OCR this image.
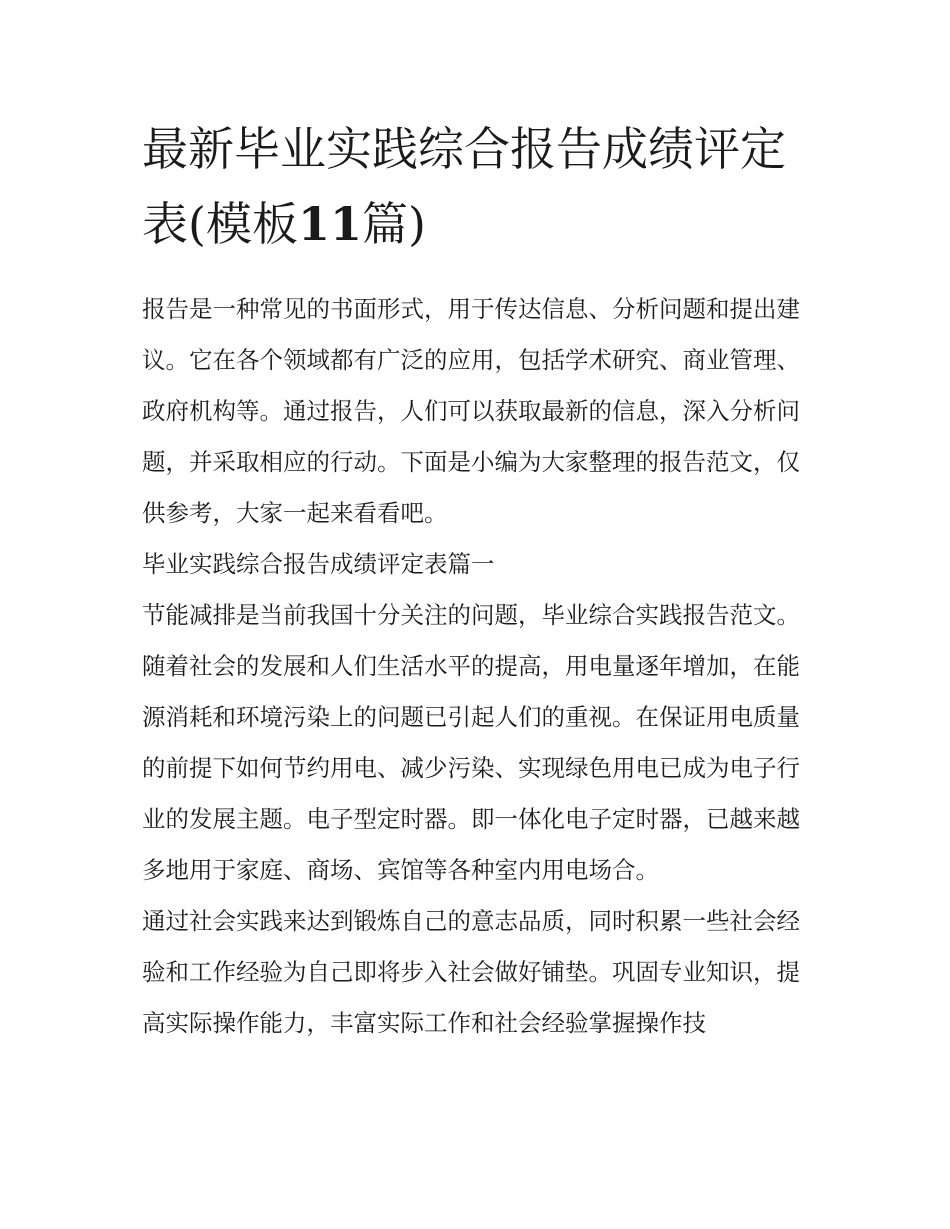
最新毕业实践综合报告成绩评定表(模板11篇)

报告是一种常见的书面形式，用于传达信息、分析问题和提出建议。它在各个领域都有广泛的应用，包括学术研究、商业管理、政府机构等。通过报告，人们可以获取最新的信息，深入分析问题，并采取相应的行动。下面是小编为大家整理的报告范文，仅供参考，大家一起来看看吧。

毕业实践综合报告成绩评定表篇一

节能减排是当前我国十分关注的问题，毕业综合实践报告范文。随着社会的发展和人们生活水平的提高，用电量逐年增加，在能源消耗和环境污染上的问题已引起人们的重视。在保证用电质量的前提下如何节约用电、减少污染、实现绿色用电已成为电子行业的发展主题。电子型定时器。即一体化电子定时器，已越来越多地用于家庭、商场、宾馆等各种室内用电场合。

通过社会实践来达到锻炼自己的意志品质，同时积累一些社会经验和工作经验为自己即将步入社会做好铺垫。巩固专业知识，提高实际操作能力，丰富实际工作和社会经验掌握操作技
